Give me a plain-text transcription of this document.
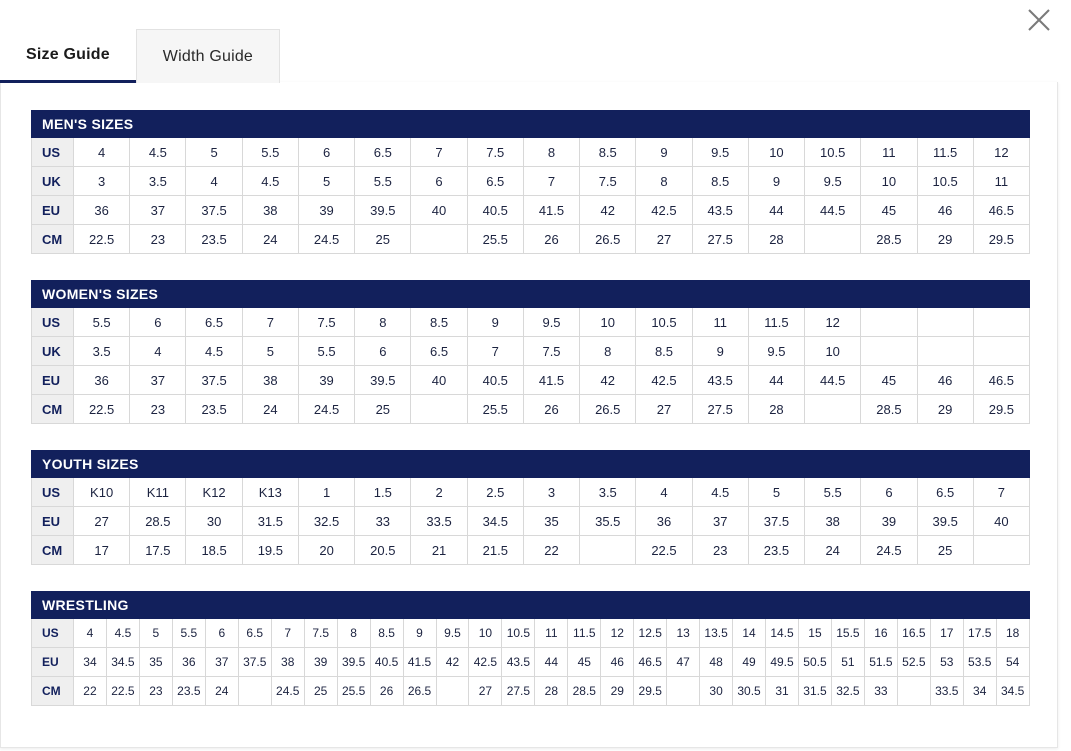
Size Guide	Width Guide
MEN'S SIZES																	
US	4	4.5	5	5.5	6	6.5	7	7.5	8	8.5	9	9.5	10	10.5	11	11.5	12
UK	3	3.5	4	4.5	5	5.5	6	6.5	7	7.5	8	8.5	9	9.5	10	10.5	11
EU	36	37	37.5	38	39	39.5	40	40.5	41.5	42	42.5	43.5	44	44.5	45	46	46.5
CM	22.5	23	23.5	24	24.5	25		25.5	26	26.5	27	27.5	28		28.5	29	29.5
WOMEN'S SIZES																	
US	5.5	6	6.5	7	7.5	8	8.5	9	9.5	10	10.5	11	11.5	12			
UK	3.5	4	4.5	5	5.5	6	6.5	7	7.5	8	8.5	9	9.5	10			
EU	36	37	37.5	38	39	39.5	40	40.5	41.5	42	42.5	43.5	44	44.5	45	46	46.5
CM	22.5	23	23.5	24	24.5	25		25.5	26	26.5	27	27.5	28		28.5	29	29.5
YOUTH SIZES																	
US	K10	K11	K12	K13	1	1.5	2	2.5	3	3.5	4	4.5	5	5.5	6	6.5	7
EU	27	28.5	30	31.5	32.5	33	33.5	34.5	35	35.5	36	37	37.5	38	39	39.5	40
CM	17	17.5	18.5	19.5	20	20.5	21	21.5	22		22.5	23	23.5	24	24.5	25	
WRESTLING																													
US	4	4.5	5	5.5	6	6.5	7	7.5	8	8.5	9	9.5	10	10.5	11	11.5	12	12.5	13	13.5	14	14.5	15	15.5	16	16.5	17	17.5	18
EU	34	34.5	35	36	37	37.5	38	39	39.5	40.5	41.5	42	42.5	43.5	44	45	46	46.5	47	48	49	49.5	50.5	51	51.5	52.5	53	53.5	54
CM	22	22.5	23	23.5	24		24.5	25	25.5	26	26.5		27	27.5	28	28.5	29	29.5		30	30.5	31	31.5	32.5	33		33.5	34	34.5
